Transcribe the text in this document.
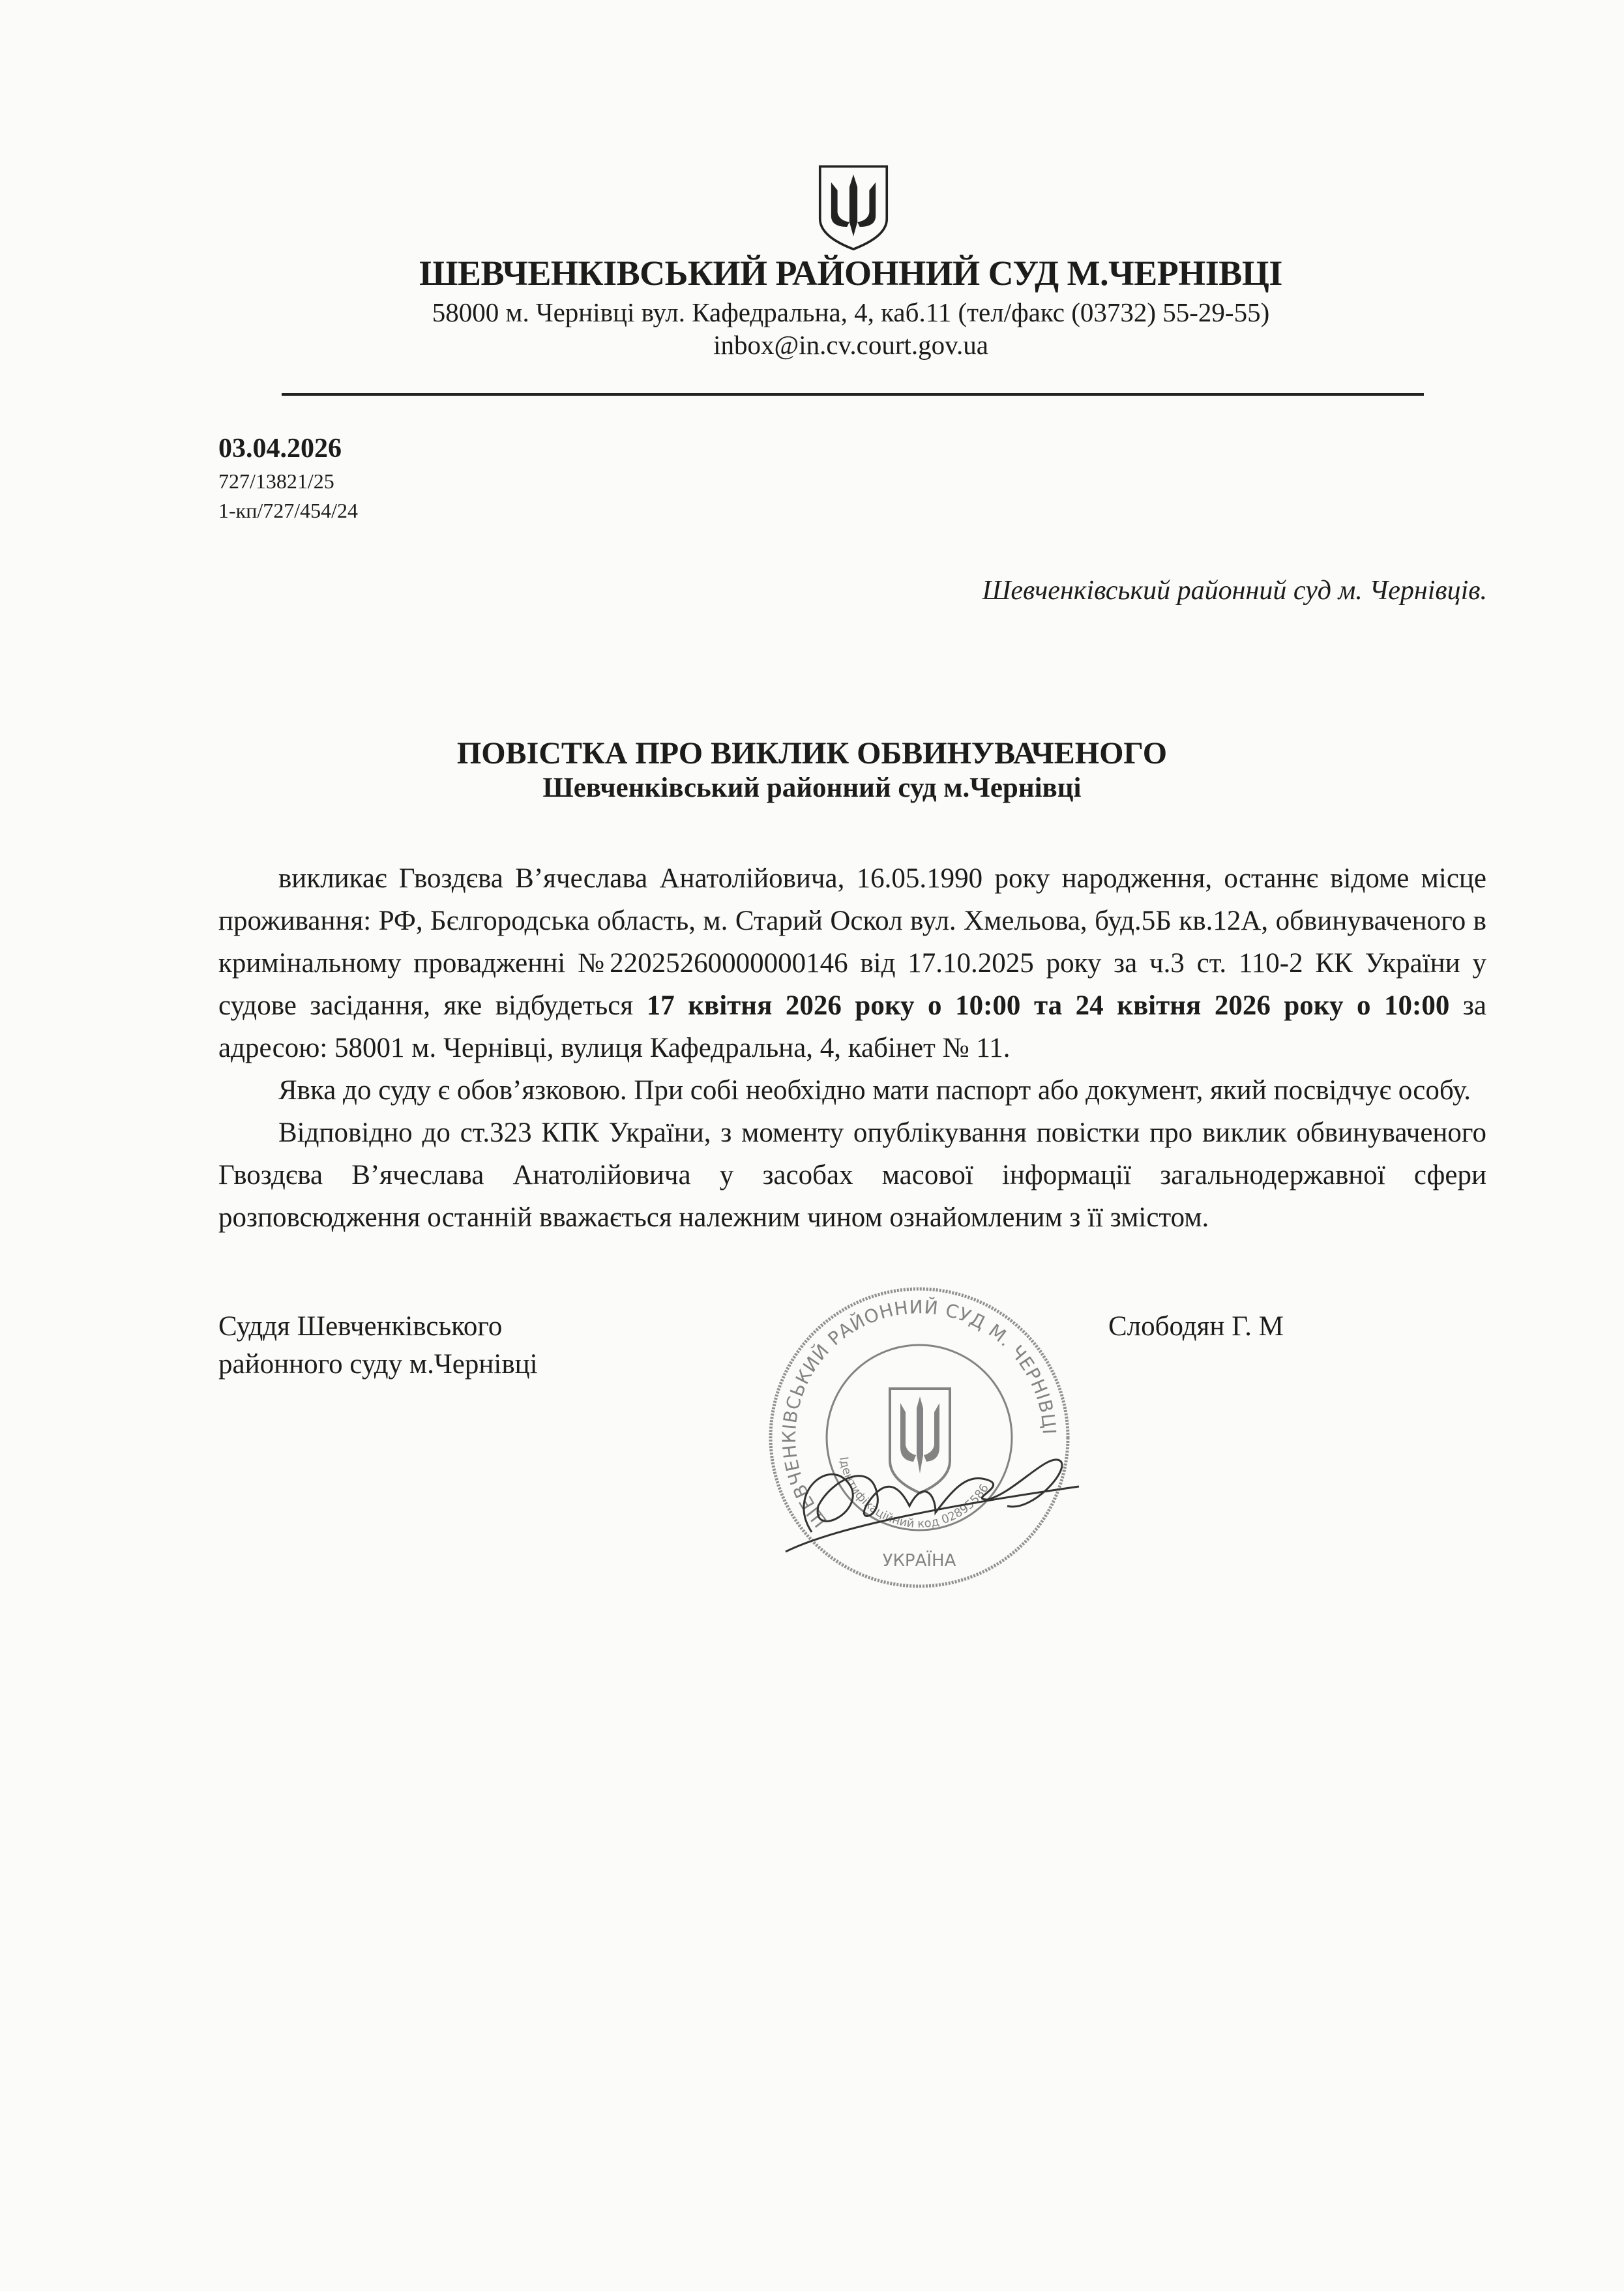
ШЕВЧЕНКІВСЬКИЙ РАЙОННИЙ СУД М.ЧЕРНІВЦІ
58000 м. Чернівці вул. Кафедральна, 4, каб.11 (тел/факс (03732) 55-29-55)
inbox@in.cv.court.gov.ua
03.04.2026
727/13821/25
1-кп/727/454/24
Шевченківський районний суд м. Чернівців.
ПОВІСТКА ПРО ВИКЛИК ОБВИНУВАЧЕНОГО
Шевченківський районний суд м.Чернівці

викликає Гвоздєва В’ячеслава Анатолійовича, 16.05.1990 року народження, останнє відоме місце проживання: РФ, Бєлгородська область, м. Старий Оскол вул. Хмельова, буд.5Б кв.12А, обвинуваченого в кримінальному провадженні №22025260000000146 від 17.10.2025 року за ч.3 ст. 110-2 КК України у судове засідання, яке відбудеться 17 квітня 2026 року о 10:00 та 24 квітня 2026 року о 10:00 за адресою: 58001 м. Чернівці, вулиця Кафедральна, 4, кабінет № 11.

Явка до суду є обов’язковою. При собі необхідно мати паспорт або документ, який посвідчує особу.

Відповідно до ст.323 КПК України, з моменту опублікування повістки про виклик обвинуваченого Гвоздєва В’ячеслава Анатолійовича у засобах масової інформації загальнодержавної сфери розповсюдження останній вважається належним чином ознайомленим з її змістом.

Суддя Шевченківського
районного суду м.Чернівці
ШЕВЧЕНКІВСЬКИЙ РАЙОННИЙ СУД М. ЧЕРНІВЦІ
Ідентифікаційний код 02895586
УКРАЇНА
Слободян Г. М
